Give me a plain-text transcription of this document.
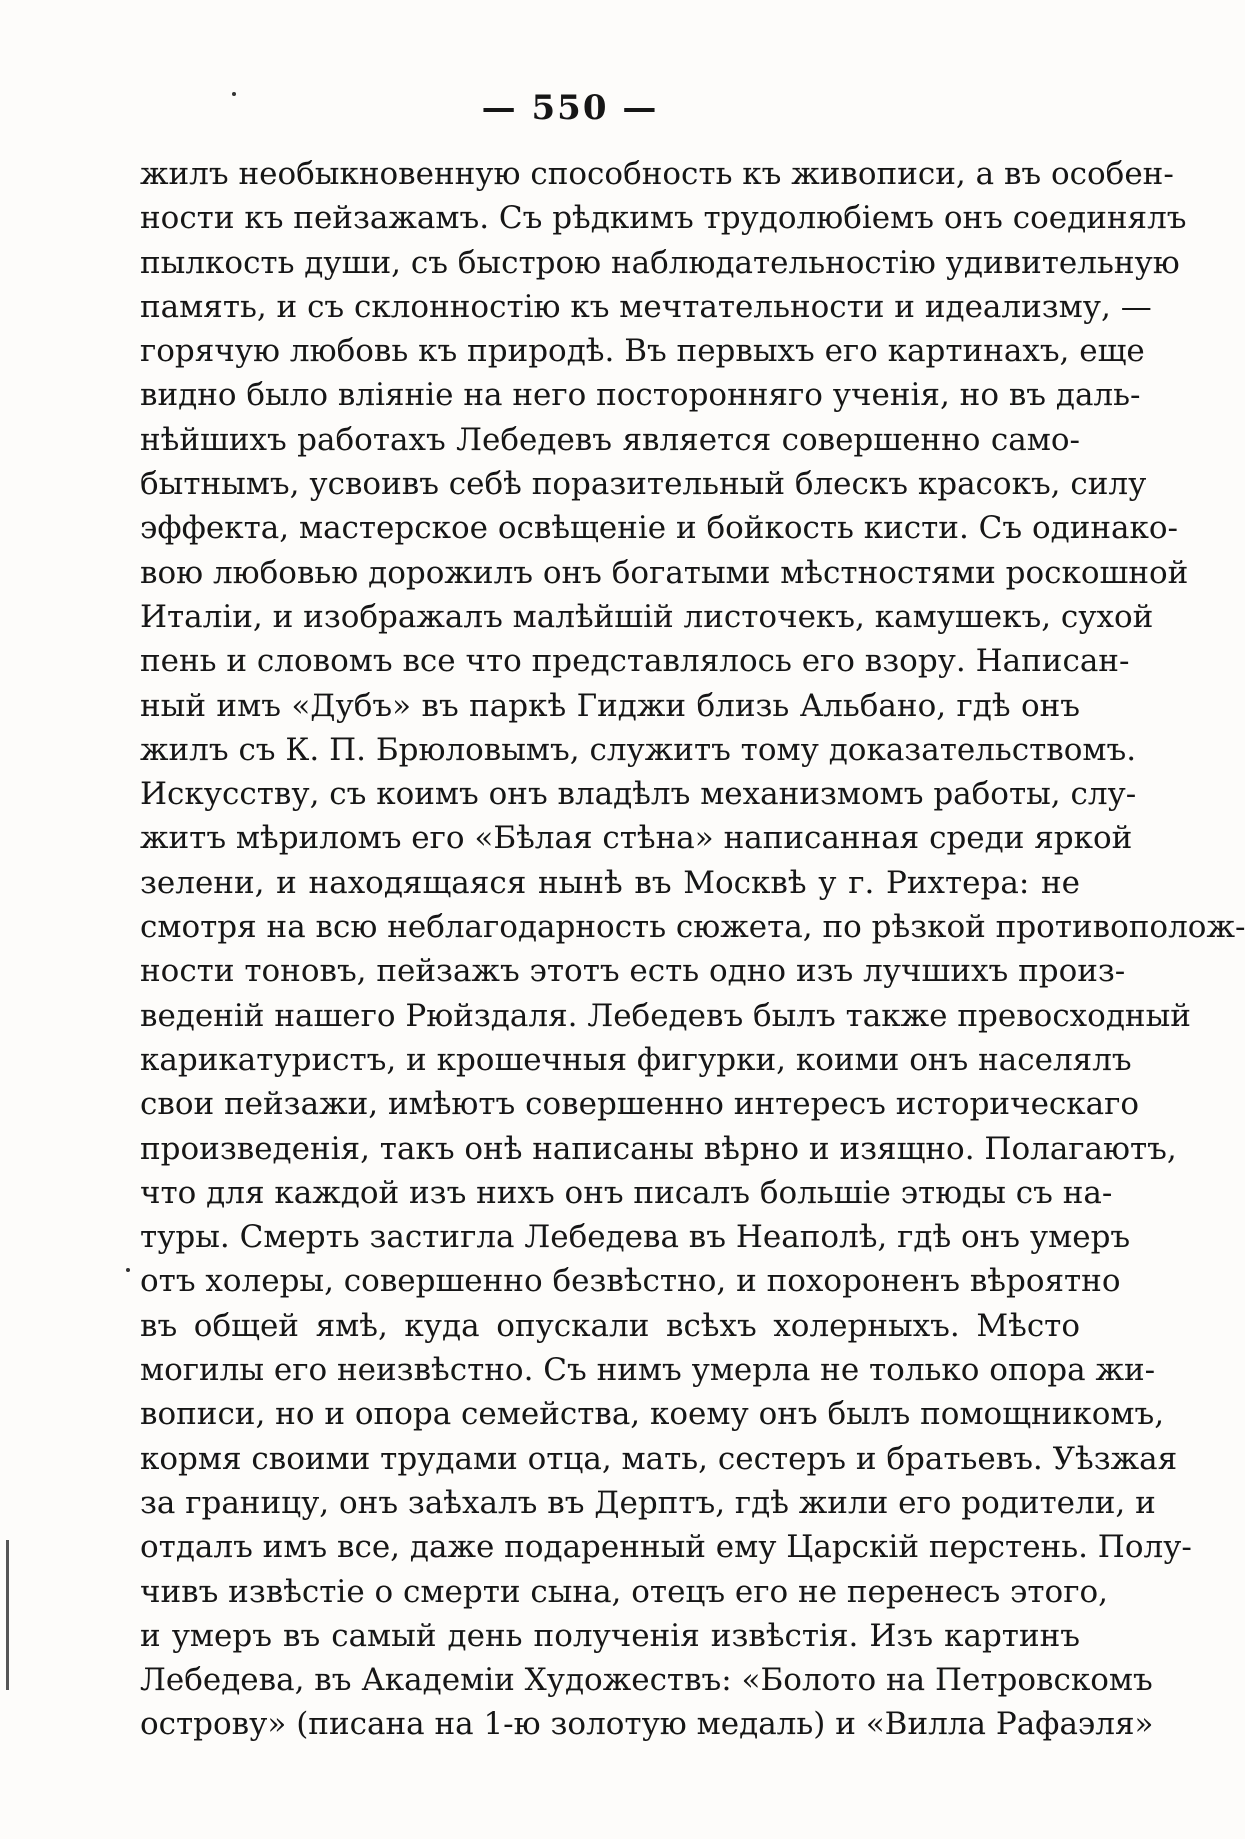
— 550 —
жилъ необыкновенную способность къ живописи, а въ особен-
ности къ пейзажамъ. Съ рѣдкимъ трудолюбіемъ онъ соединялъ
пылкость души, съ быстрою наблюдательностію удивительную
память, и съ склонностію къ мечтательности и идеализму, —
горячую любовь къ природѣ. Въ первыхъ его картинахъ, еще
видно было вліяніе на него посторонняго ученія, но въ даль-
нѣйшихъ работахъ Лебедевъ является совершенно само-
бытнымъ, усвоивъ себѣ поразительный блескъ красокъ, силу
эффекта, мастерское освѣщеніе и бойкость кисти. Съ одинако-
вою любовью дорожилъ онъ богатыми мѣстностями роскошной
Италіи, и изображалъ малѣйшій листочекъ, камушекъ, сухой
пень и словомъ все что представлялось его взору. Написан-
ный имъ «Дубъ» въ паркѣ Гиджи близь Альбано, гдѣ онъ
жилъ съ К. П. Брюловымъ, служитъ тому доказательствомъ.
Искусству, съ коимъ онъ владѣлъ механизмомъ работы, слу-
житъ мѣриломъ его «Бѣлая стѣна» написанная среди яркой
зелени, и находящаяся нынѣ въ Москвѣ у г. Рихтера: не
смотря на всю неблагодарность сюжета, по рѣзкой противополож-
ности тоновъ, пейзажъ этотъ есть одно изъ лучшихъ произ-
веденій нашего Рюйздаля. Лебедевъ былъ также превосходный
карикатуристъ, и крошечныя фигурки, коими онъ населялъ
свои пейзажи, имѣютъ совершенно интересъ историческаго
произведенія, такъ онѣ написаны вѣрно и изящно. Полагаютъ,
что для каждой изъ нихъ онъ писалъ большіе этюды съ на-
туры. Смерть застигла Лебедева въ Неаполѣ, гдѣ онъ умеръ
отъ холеры, совершенно безвѣстно, и похороненъ вѣроятно
въ общей ямѣ, куда опускали всѣхъ холерныхъ. Мѣсто
могилы его неизвѣстно. Съ нимъ умерла не только опора жи-
вописи, но и опора семейства, коему онъ былъ помощникомъ,
кормя своими трудами отца, мать, сестеръ и братьевъ. Уѣзжая
за границу, онъ заѣхалъ въ Дерптъ, гдѣ жили его родители, и
отдалъ имъ все, даже подаренный ему Царскій перстень. Полу-
чивъ извѣстіе о смерти сына, отецъ его не перенесъ этого,
и умеръ въ самый день полученія извѣстія. Изъ картинъ
Лебедева, въ Академіи Художествъ: «Болото на Петровскомъ
острову» (писана на 1-ю золотую медаль) и «Вилла Рафаэля»
